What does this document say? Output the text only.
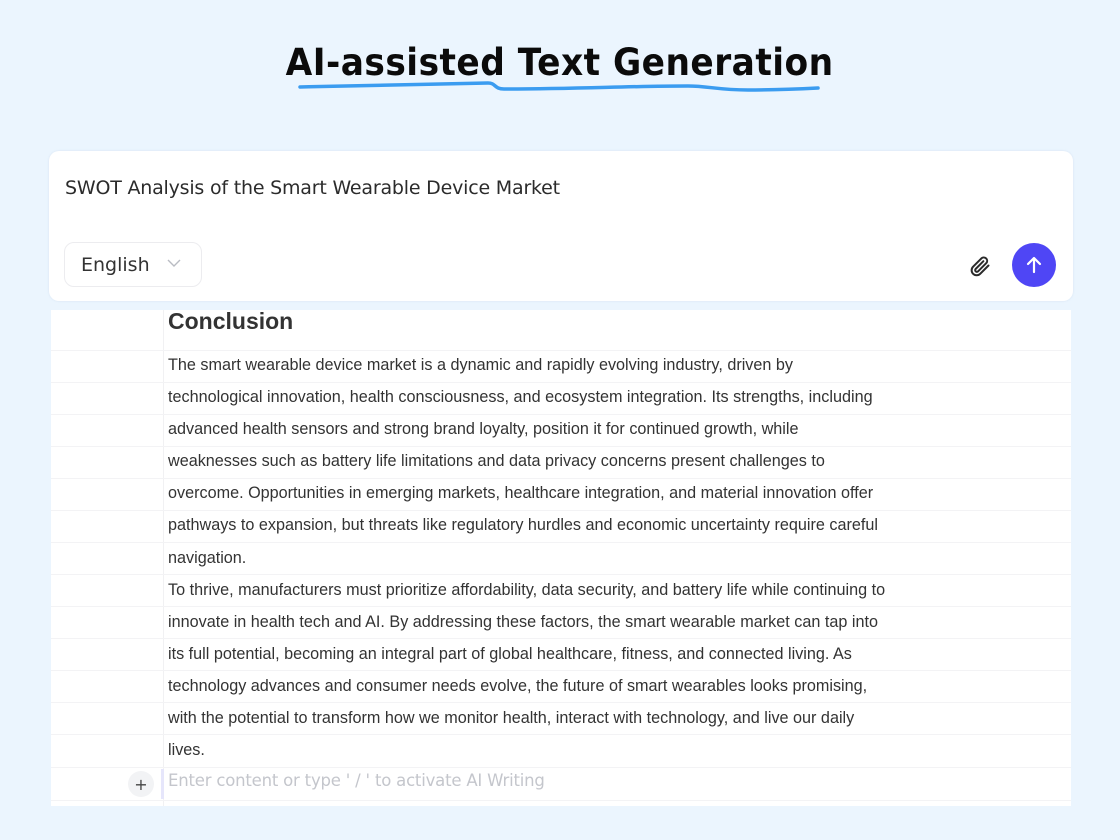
AI-assisted Text Generation
SWOT Analysis of the Smart Wearable Device Market
English
Conclusion
The smart wearable device market is a dynamic and rapidly evolving industry, driven by
technological innovation, health consciousness, and ecosystem integration. Its strengths, including
advanced health sensors and strong brand loyalty, position it for continued growth, while
weaknesses such as battery life limitations and data privacy concerns present challenges to
overcome. Opportunities in emerging markets, healthcare integration, and material innovation offer
pathways to expansion, but threats like regulatory hurdles and economic uncertainty require careful
navigation.
To thrive, manufacturers must prioritize affordability, data security, and battery life while continuing to
innovate in health tech and AI. By addressing these factors, the smart wearable market can tap into
its full potential, becoming an integral part of global healthcare, fitness, and connected living. As
technology advances and consumer needs evolve, the future of smart wearables looks promising,
with the potential to transform how we monitor health, interact with technology, and live our daily
lives.
+ Enter content or type ' / ' to activate AI Writing
